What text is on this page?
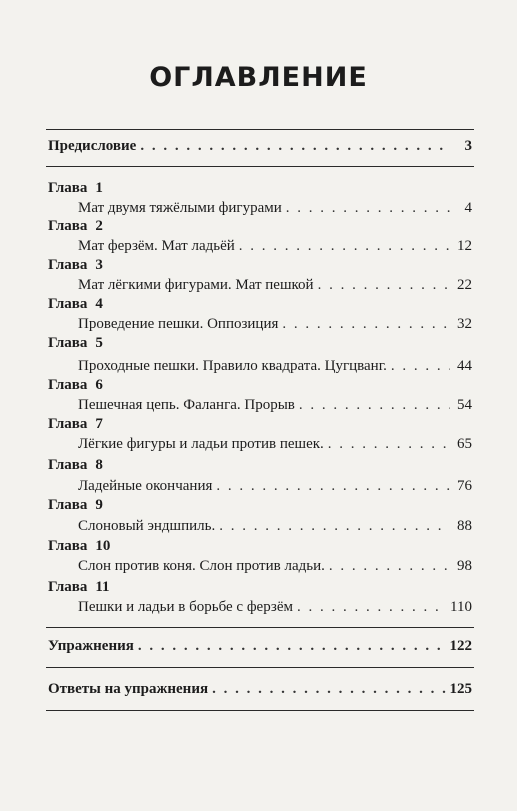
ОГЛАВЛЕНИЕ
Предисловие . . .	3
Глава 1
Мат двумя тяжёлыми фигурами . . .	4
Глава 2
Мат ферзём. Мат ладьёй . . .	12
Глава 3
Мат лёгкими фигурами. Мат пешкой . . .	22
Глава 4
Проведение пешки. Оппозиция . . .	32
Глава 5
Проходные пешки. Правило квадрата. Цугцванг. . . .	44
Глава 6
Пешечная цепь. Фаланга. Прорыв . . .	54
Глава 7
Лёгкие фигуры и ладьи против пешек. . . .	65
Глава 8
Ладейные окончания . . .	76
Глава 9
Слоновый эндшпиль. . . .	88
Глава 10
Слон против коня. Слон против ладьи. . . .	98
Глава 11
Пешки и ладьи в борьбе с ферзём . . .	110
Упражнения . . .	122
Ответы на упражнения . . .	125
